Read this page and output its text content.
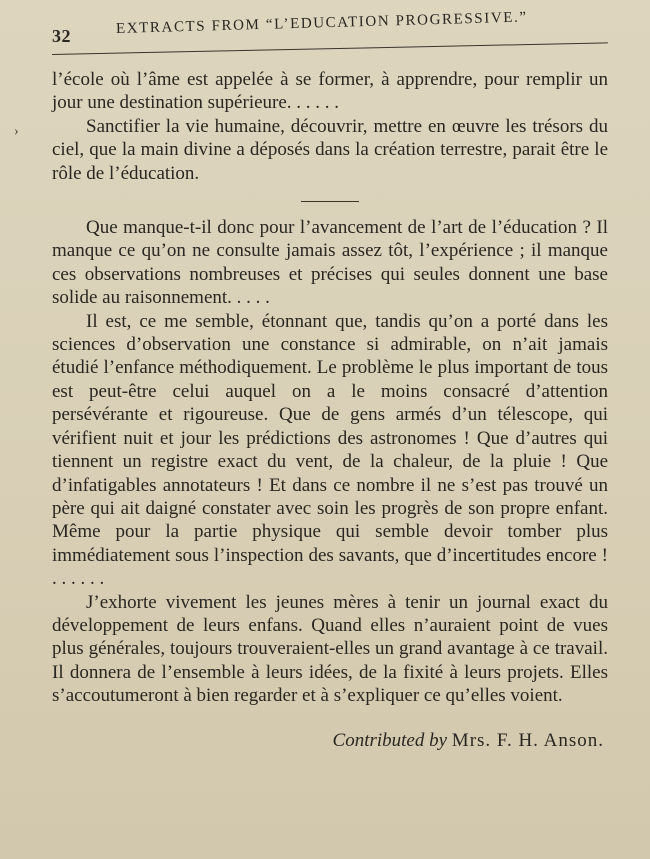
32	EXTRACTS FROM “L’EDUCATION PROGRESSIVE.”
›

l’école où l’âme est appelée à se former, à apprendre, pour remplir un jour une destination supérieure. . . . . .

Sanctifier la vie humaine, découvrir, mettre en œuvre les trésors du ciel, que la main divine a déposés dans la création terrestre, parait être le rôle de l’éducation.

Que manque-t-il donc pour l’avancement de l’art de l’éducation ? Il manque ce qu’on ne consulte jamais assez tôt, l’expérience ; il manque ces observations nombreuses et précises qui seules donnent une base solide au raisonnement. . . . .

Il est, ce me semble, étonnant que, tandis qu’on a porté dans les sciences d’observation une constance si admirable, on n’ait jamais étudié l’enfance méthodiquement. Le problème le plus important de tous est peut-être celui auquel on a le moins consacré d’attention persévérante et rigoureuse. Que de gens armés d’un télescope, qui vérifient nuit et jour les prédictions des astronomes ! Que d’autres qui tiennent un registre exact du vent, de la chaleur, de la pluie ! Que d’infatigables annotateurs ! Et dans ce nombre il ne s’est pas trouvé un père qui ait daigné constater avec soin les progrès de son propre enfant. Même pour la partie physique qui semble devoir tomber plus immédiatement sous l’inspection des savants, que d’incertitudes encore ! . . . . . .

J’exhorte vivement les jeunes mères à tenir un journal exact du développement de leurs enfans. Quand elles n’auraient point de vues plus générales, toujours trouveraient-elles un grand avantage à ce travail. Il donnera de l’ensemble à leurs idées, de la fixité à leurs projets. Elles s’accoutumeront à bien regarder et à s’expliquer ce qu’elles voient.

Contributed by Mrs. F. H. Anson.
